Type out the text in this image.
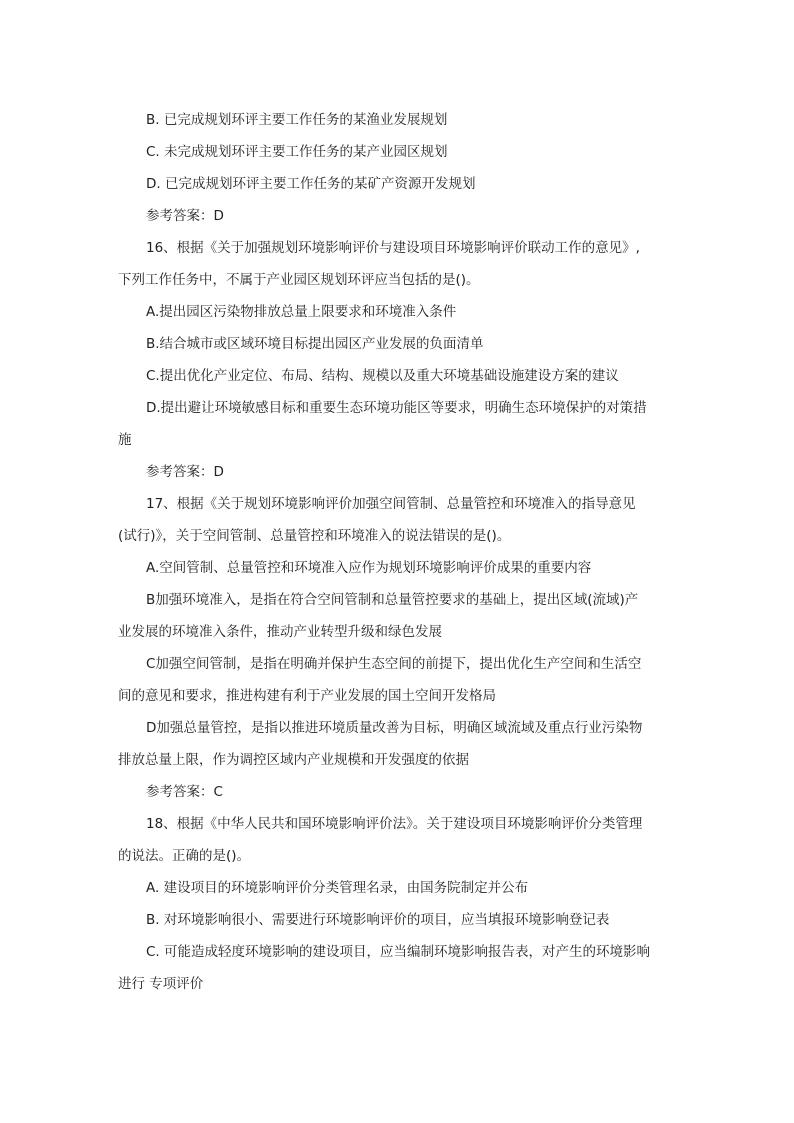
B. 已完成规划环评主要工作任务的某渔业发展规划
C. 未完成规划环评主要工作任务的某产业园区规划
D. 已完成规划环评主要工作任务的某矿产资源开发规划
参考答案：D
16、根据《关于加强规划环境影响评价与建设项目环境影响评价联动工作的意见》,
下列工作任务中，不属于产业园区规划环评应当包括的是()。
A.提出园区污染物排放总量上限要求和环境准入条件
B.结合城市或区域环境目标提出园区产业发展的负面清单
C.提出优化产业定位、布局、结构、规模以及重大环境基础设施建设方案的建议
D.提出避让环境敏感目标和重要生态环境功能区等要求，明确生态环境保护的对策措
施
参考答案：D
17、根据《关于规划环境影响评价加强空间管制、总量管控和环境准入的指导意见
(试行)》，关于空间管制、总量管控和环境准入的说法错误的是()。
A.空间管制、总量管控和环境准入应作为规划环境影响评价成果的重要内容
B加强环境准入，是指在符合空间管制和总量管控要求的基础上，提出区域(流域)产
业发展的环境准入条件，推动产业转型升级和绿色发展
C加强空间管制，是指在明确并保护生态空间的前提下，提出优化生产空间和生活空
间的意见和要求，推进构建有利于产业发展的国土空间开发格局
D加强总量管控，是指以推进环境质量改善为目标，明确区域流域及重点行业污染物
排放总量上限，作为调控区域内产业规模和开发强度的依据
参考答案：C
18、根据《中华人民共和国环境影响评价法》。关于建设项目环境影响评价分类管理
的说法。正确的是()。
A. 建设项目的环境影响评价分类管理名录，由国务院制定并公布
B. 对环境影响很小、需要进行环境影响评价的项目，应当填报环境影响登记表
C. 可能造成轻度环境影响的建设项目，应当编制环境影响报告表，对产生的环境影响
进行 专项评价
